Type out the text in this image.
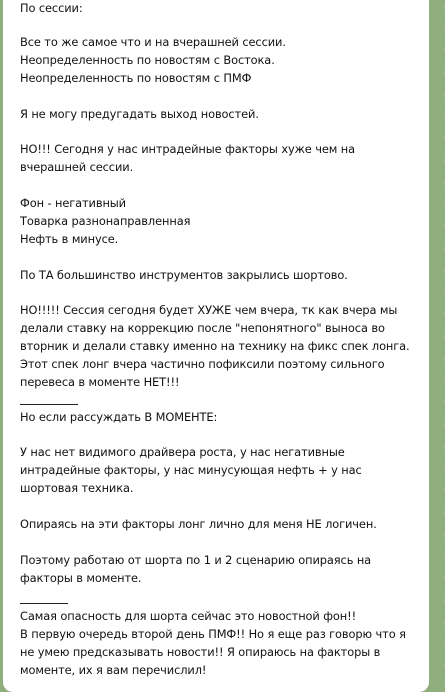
По сессии:
Все то же самое что и на вчерашней сессии.
Неопределенность по новостям с Востока.
Неопределенность по новостям с ПМФ
Я не могу предугадать выход новостей.
НО!!! Сегодня у нас интрадейные факторы хуже чем на
вчерашней сессии.
Фон - негативный
Товарка разнонаправленная
Нефть в минусе.
По ТА большинство инструментов закрылись шортово.
НО!!!!! Сессия сегодня будет ХУЖЕ чем вчера, тк как вчера мы
делали ставку на коррекцию после "непонятного" выноса во
вторник и делали ставку именно на технику на фикс спек лонга.
Этот спек лонг вчера частично пофиксили поэтому сильного
перевеса в моменте НЕТ!!!
Но если рассуждать В МОМЕНТЕ:
У нас нет видимого драйвера роста, у нас негативные
интрадейные факторы, у нас минусующая нефть + у нас
шортовая техника.
Опираясь на эти факторы лонг лично для меня НЕ логичен.
Поэтому работаю от шорта по 1 и 2 сценарию опираясь на
факторы в моменте.
Самая опасность для шорта сейчас это новостной фон!!
В первую очередь второй день ПМФ!! Но я еще раз говорю что я
не умею предсказывать новости!! Я опираюсь на факторы в
моменте, их я вам перечислил!
